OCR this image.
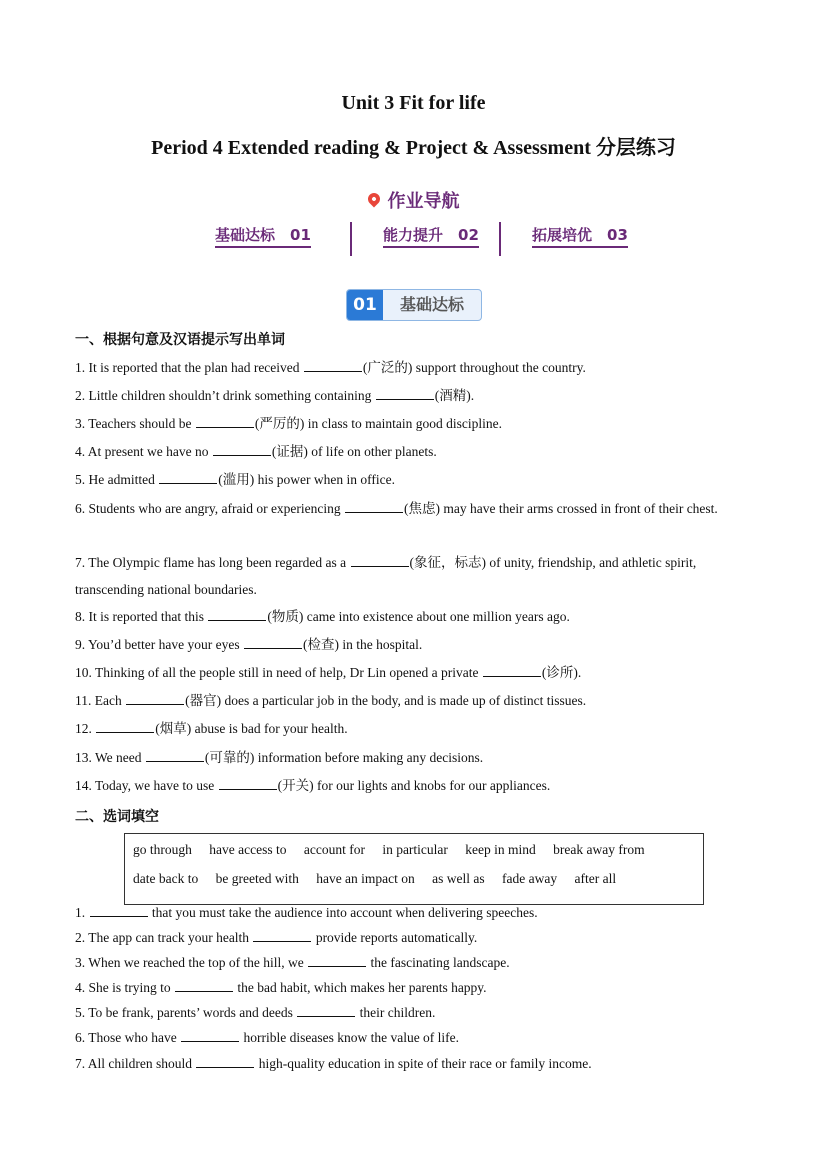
Unit 3 Fit for life
Period 4 Extended reading & Project & Assessment 分层练习
作业导航
基础达标　01	能力提升　02	拓展培优　03
01	基础达标
一、根据句意及汉语提示写出单词
1. It is reported that the plan had received	(广泛的) support throughout the country.
2. Little children shouldn’t drink something containing	(酒精).
3. Teachers should be	(严厉的) in class to maintain good discipline.
4. At present we have no	(证据) of life on other planets.
5. He admitted	(滥用) his power when in office.
6. Students who are angry, afraid or experiencing	(焦虑) may have their arms crossed in front of their chest.
7. The Olympic flame has long been regarded as a	(象征，标志) of unity, friendship, and athletic spirit, transcending national boundaries.
8. It is reported that this	(物质) came into existence about one million years ago.
9. You’d better have your eyes	(检查) in the hospital.
10. Thinking of all the people still in need of help, Dr Lin opened a private	(诊所).
11. Each	(器官) does a particular job in the body, and is made up of distinct tissues.
12.	(烟草) abuse is bad for your health.
13. We need	(可靠的) information before making any decisions.
14. Today, we have to use	(开关) for our lights and knobs for our appliances.
二、选词填空
go through have access to account for in particular keep in mind break away from
date back to be greeted with have an impact on as well as fade away after all
1.	that you must take the audience into account when delivering speeches.
2. The app can track your health	provide reports automatically.
3. When we reached the top of the hill, we	the fascinating landscape.
4. She is trying to	the bad habit, which makes her parents happy.
5. To be frank, parents’ words and deeds	their children.
6. Those who have	horrible diseases know the value of life.
7. All children should	high-quality education in spite of their race or family income.
